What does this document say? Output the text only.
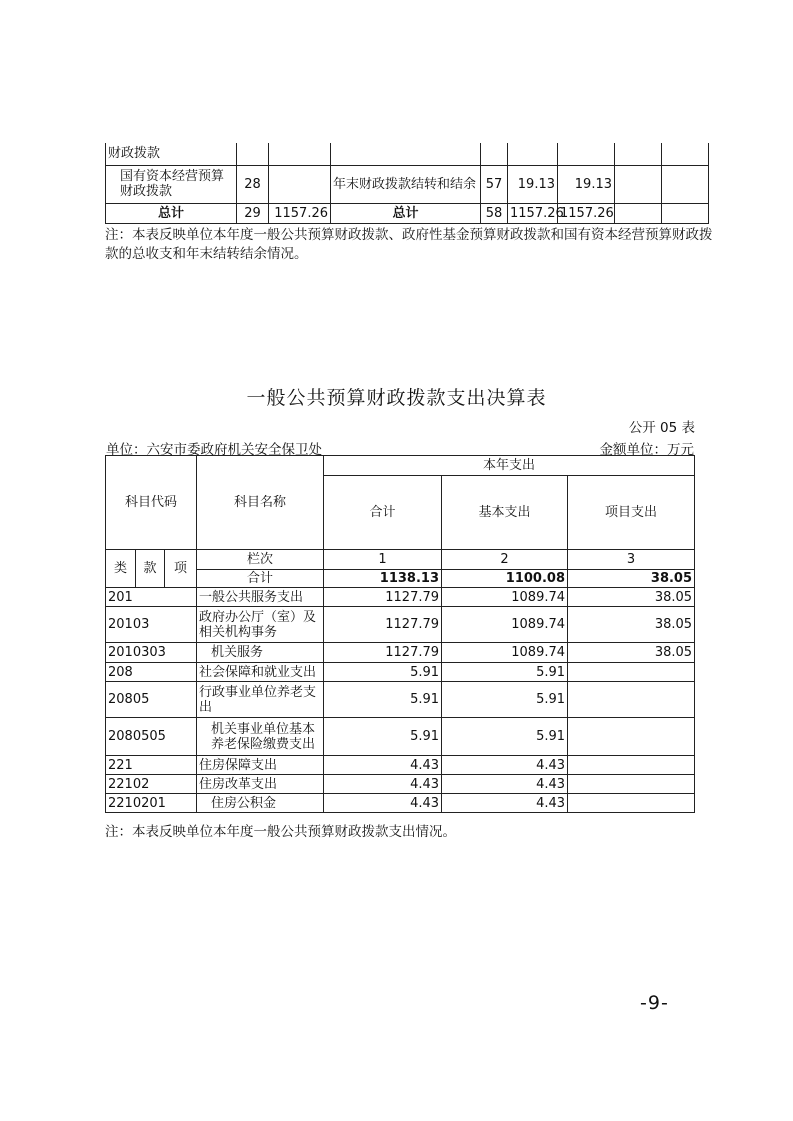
财政拨款								
国有资本经营预算财政拨款	28		年末财政拨款结转和结余	57	19.13	19.13		
总计	29	1157.26	总计	58	1157.26	1157.26		
注：本表反映单位本年度一般公共预算财政拨款、政府性基金预算财政拨款和国有资本经营预算财政拨款的总收支和年末结转结余情况。
一般公共预算财政拨款支出决算表
公开 05 表
单位：六安市委政府机关安全保卫处	金额单位：万元
科目代码			科目名称	本年支出		
				合计	基本支出	项目支出
类	款	项	栏次	1	2	3
			合计	1138.13	1100.08	38.05
201			一般公共服务支出	1127.79	1089.74	38.05
20103			政府办公厅（室）及相关机构事务	1127.79	1089.74	38.05
2010303			机关服务	1127.79	1089.74	38.05
208			社会保障和就业支出	5.91	5.91	
20805			行政事业单位养老支出	5.91	5.91	
2080505			机关事业单位基本养老保险缴费支出	5.91	5.91	
221			住房保障支出	4.43	4.43	
22102			住房改革支出	4.43	4.43	
2210201			住房公积金	4.43	4.43	
注：本表反映单位本年度一般公共预算财政拨款支出情况。
-9-
